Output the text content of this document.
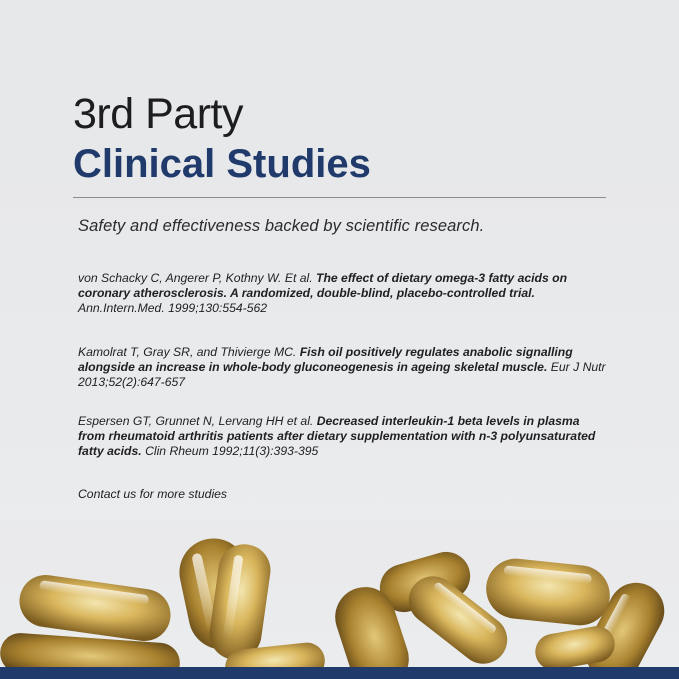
3rd Party
Clinical Studies

Safety and effectiveness backed by scientific research.

von Schacky C, Angerer P, Kothny W. Et al. The effect of dietary omega-3 fatty acids on coronary atherosclerosis. A randomized, double-blind, placebo-controlled trial. Ann.Intern.Med. 1999;130:554-562

Kamolrat T, Gray SR, and Thivierge MC. Fish oil positively regulates anabolic signalling alongside an increase in whole-body gluconeogenesis in ageing skeletal muscle. Eur J Nutr 2013;52(2):647-657

Espersen GT, Grunnet N, Lervang HH et al. Decreased interleukin-1 beta levels in plasma from rheumatoid arthritis patients after dietary supplementation with n-3 polyunsaturated fatty acids. Clin Rheum 1992;11(3):393-395

Contact us for more studies
